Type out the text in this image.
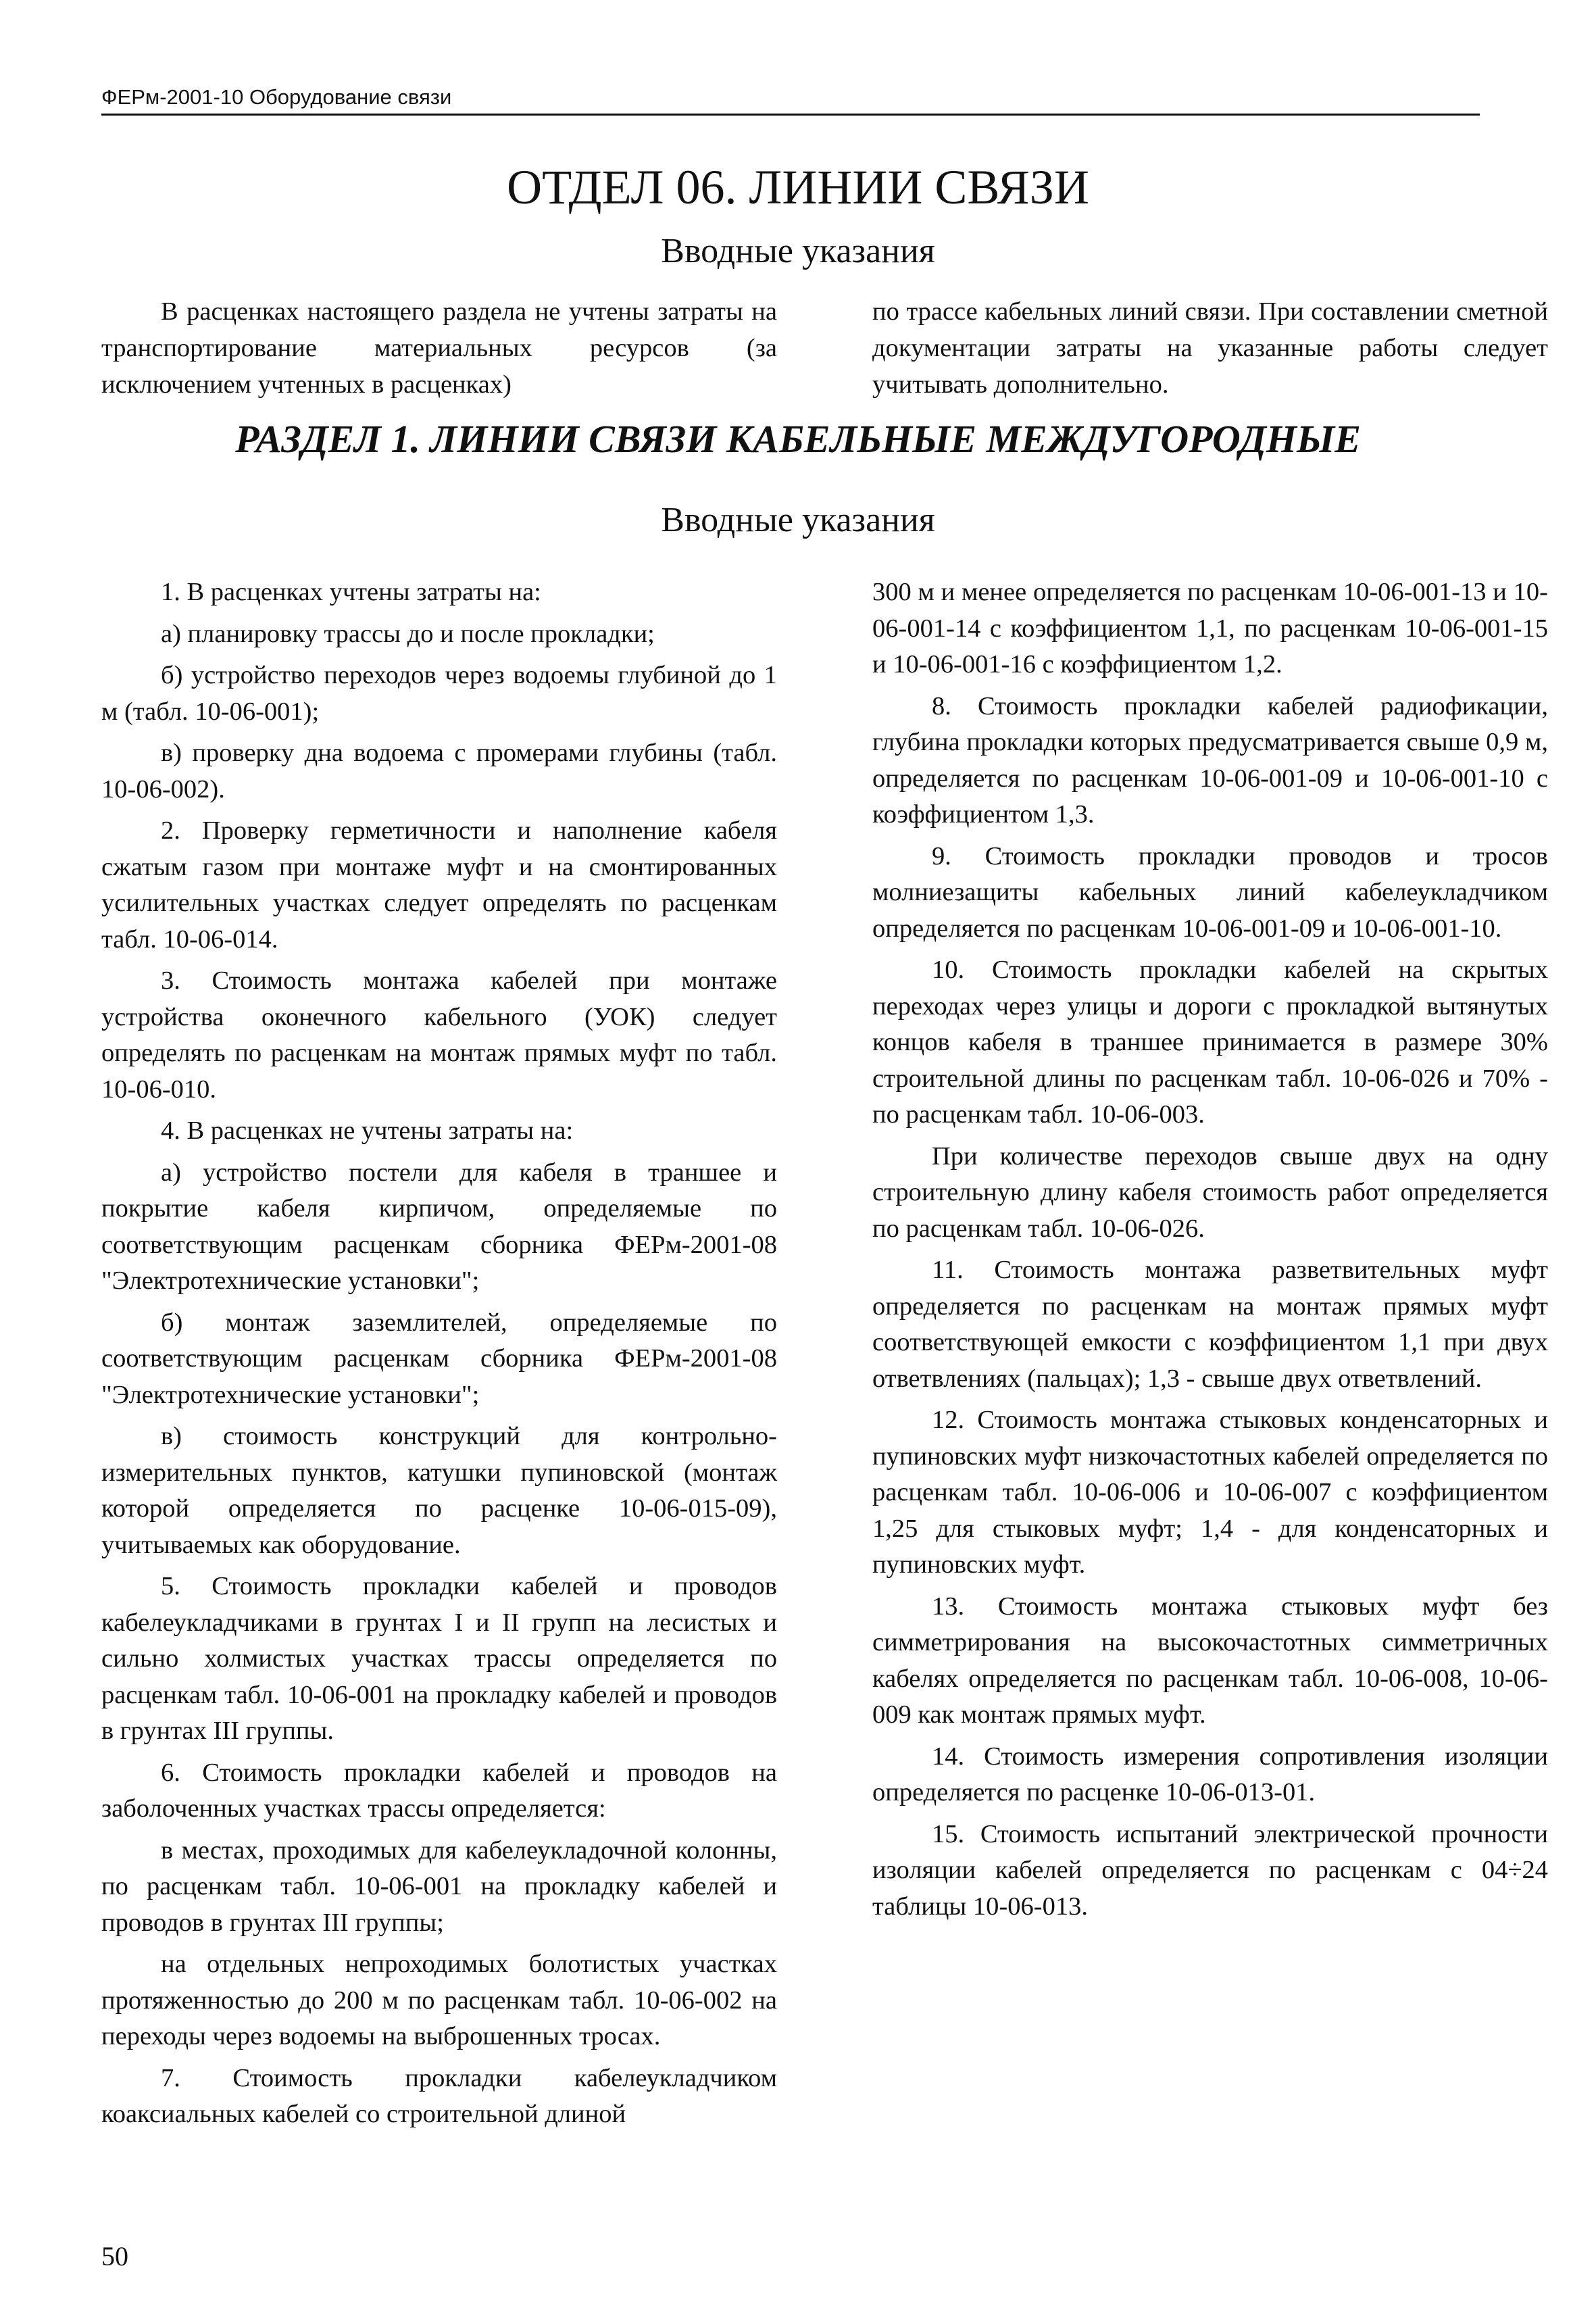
ФЕРм-2001-10 Оборудование связи
ОТДЕЛ 06. ЛИНИИ СВЯЗИ
Вводные указания

В расценках настоящего раздела не учтены затраты на транспортирование материальных ресурсов (за исключением учтенных в расценках)

по трассе кабельных линий связи. При составлении сметной документации затраты на указанные работы следует учитывать дополнительно.

РАЗДЕЛ 1. ЛИНИИ СВЯЗИ КАБЕЛЬНЫЕ МЕЖДУГОРОДНЫЕ
Вводные указания

1. В расценках учтены затраты на:

а) планировку трассы до и после прокладки;

б) устройство переходов через водоемы глубиной до 1 м (табл. 10-06-001);

в) проверку дна водоема с промерами глубины (табл. 10-06-002).

2. Проверку герметичности и наполнение кабеля сжатым газом при монтаже муфт и на смонтированных усилительных участках следует определять по расценкам табл. 10-06-014.

3. Стоимость монтажа кабелей при монтаже устройства оконечного кабельного (УОК) следует определять по расценкам на монтаж прямых муфт по табл. 10-06-010.

4. В расценках не учтены затраты на:

а) устройство постели для кабеля в траншее и покрытие кабеля кирпичом, определяемые по соответствующим расценкам сборника ФЕРм-2001-08 "Электротехнические установки";

б) монтаж заземлителей, определяемые по соответствующим расценкам сборника ФЕРм-2001-08 "Электротехнические установки";

в) стоимость конструкций для контрольно-измерительных пунктов, катушки пупиновской (монтаж которой определяется по расценке 10-06-015-09), учитываемых как оборудование.

5. Стоимость прокладки кабелей и проводов кабелеукладчиками в грунтах I и II групп на лесистых и сильно холмистых участках трассы определяется по расценкам табл. 10-06-001 на прокладку кабелей и проводов в грунтах III группы.

6. Стоимость прокладки кабелей и проводов на заболоченных участках трассы определяется:

в местах, проходимых для кабелеукладочной колонны, по расценкам табл. 10-06-001 на прокладку кабелей и проводов в грунтах III группы;

на отдельных непроходимых болотистых участках протяженностью до 200 м по расценкам табл. 10-06-002 на переходы через водоемы на выброшенных тросах.

7. Стоимость прокладки кабелеукладчиком коаксиальных кабелей со строительной длиной

300 м и менее определяется по расценкам 10-06-001-13 и 10-06-001-14 с коэффициентом 1,1, по расценкам 10-06-001-15 и 10-06-001-16 с коэффициентом 1,2.

8. Стоимость прокладки кабелей радиофикации, глубина прокладки которых предусматривается свыше 0,9 м, определяется по расценкам 10-06-001-09 и 10-06-001-10 с коэффициентом 1,3.

9. Стоимость прокладки проводов и тросов молниезащиты кабельных линий кабелеукладчиком определяется по расценкам 10-06-001-09 и 10-06-001-10.

10. Стоимость прокладки кабелей на скрытых переходах через улицы и дороги с прокладкой вытянутых концов кабеля в траншее принимается в размере 30% строительной длины по расценкам табл. 10-06-026 и 70% - по расценкам табл. 10-06-003.

При количестве переходов свыше двух на одну строительную длину кабеля стоимость работ определяется по расценкам табл. 10-06-026.

11. Стоимость монтажа разветвительных муфт определяется по расценкам на монтаж прямых муфт соответствующей емкости с коэффициентом 1,1 при двух ответвлениях (пальцах); 1,3 - свыше двух ответвлений.

12. Стоимость монтажа стыковых конденсаторных и пупиновских муфт низкочастотных кабелей определяется по расценкам табл. 10-06-006 и 10-06-007 с коэффициентом 1,25 для стыковых муфт; 1,4 - для конденсаторных и пупиновских муфт.

13. Стоимость монтажа стыковых муфт без симметрирования на высокочастотных симметричных кабелях определяется по расценкам табл. 10-06-008, 10-06-009 как монтаж прямых муфт.

14. Стоимость измерения сопротивления изоляции определяется по расценке 10-06-013-01.

15. Стоимость испытаний электрической прочности изоляции кабелей определяется по расценкам с 04÷24 таблицы 10-06-013.

50
